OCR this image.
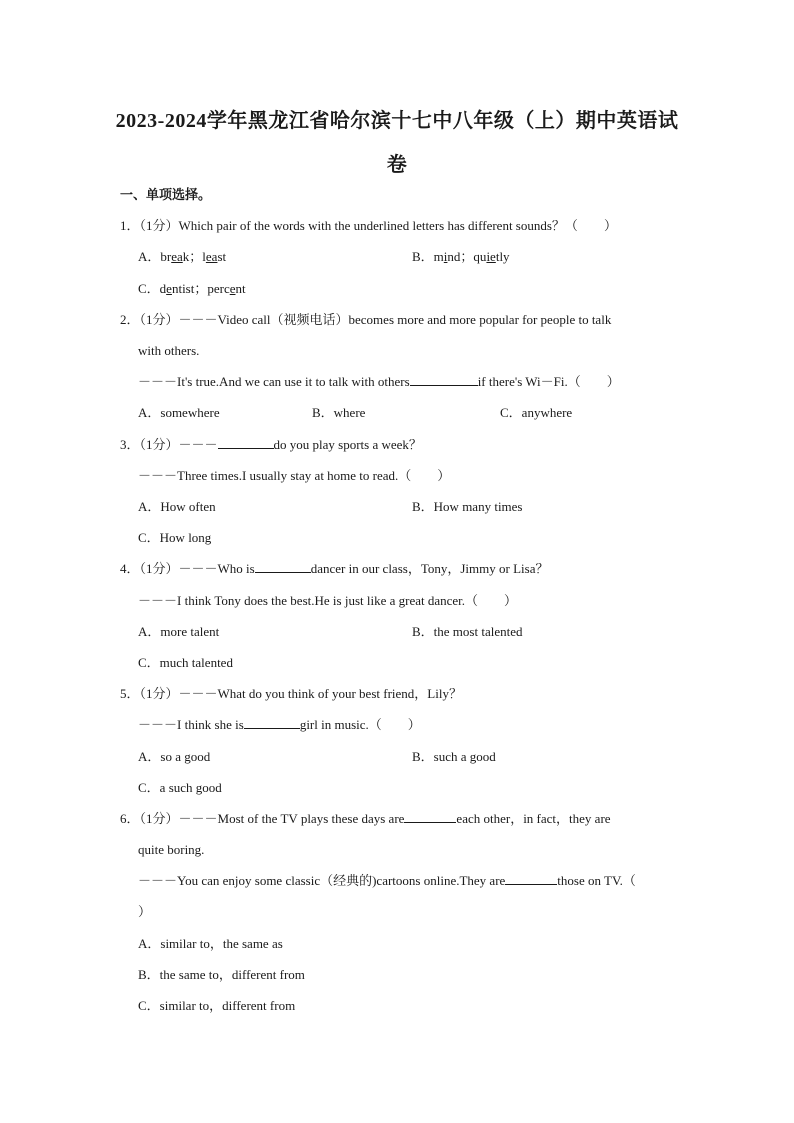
2023-2024学年黑龙江省哈尔滨十七中八年级（上）期中英语试
卷
一、单项选择。
1．（1分）Which pair of the words with the underlined letters has different sounds？（ ）
A．break；least	B．mind；quietly
C．dentist；percent
2．（1分）－－－Video call（视频电话）becomes more and more popular for people to talk
with others.
－－－It's true.And we can use it to talk with others	if there's Wi－Fi.（ ）
A．somewhere	B．where	C．anywhere
3．（1分）－－－	do you play sports a week？
－－－Three times.I usually stay at home to read.（ ）
A．How often	B．How many times
C．How long
4．（1分）－－－Who is	dancer in our class，Tony，Jimmy or Lisa？
－－－I think Tony does the best.He is just like a great dancer.（ ）
A．more talent	B．the most talented
C．much talented
5．（1分）－－－What do you think of your best friend，Lily？
－－－I think she is	girl in music.（ ）
A．so a good	B．such a good
C．a such good
6．（1分）－－－Most of the TV plays these days are	each other，in fact，they are
quite boring.
－－－You can enjoy some classic（经典的)cartoons online.They are	those on TV.（
）
A．similar to，the same as
B．the same to，different from
C．similar to，different from
